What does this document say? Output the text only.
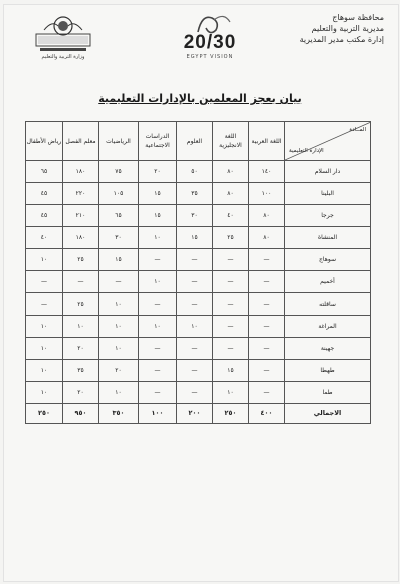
وزارة التربية والتعليم
20/30
EGYPT VISION
محافظة سوهاج
مديرية التربية والتعليم
إدارة مكتب مدير المديرية
بيان بعجز المعلمين بالإدارات التعليمية
المــادة
الإدارة التعليمية	اللغة العربية	اللغة الانجليزية	العلوم	الدراسات الاجتماعية	الرياضيات	معلم الفصل	رياض الأطفال
دار السلام	١٤٠	٨٠	٥٠	٢٠	٧٥	١٨٠	٦٥
البلينا	١٠٠	٨٠	٣٥	١٥	١٠٥	٢٢٠	٤٥
جرجا	٨٠	٤٠	٣٠	١٥	٦٥	٢١٠	٤٥
المنشاة	٨٠	٢٥	١٥	١٠	٣٠	١٨٠	٤٠
سوهاج	—	—	—	—	١٥	٢٥	١٠
أخميم	—	—	—	١٠	—	—	—
ساقلته	—	—	—	—	١٠	٢٥	—
المراغة	—	—	١٠	١٠	١٠	١٠	١٠
جهينة	—	—	—	—	١٠	٢٠	١٠
طهطا	—	١٥	—	—	٢٠	٣٥	١٠
طما	—	١٠	—	—	١٠	٢٠	١٠
الاجمالي	٤٠٠	٢٥٠	٢٠٠	١٠٠	٣٥٠	٩٥٠	٢٥٠
